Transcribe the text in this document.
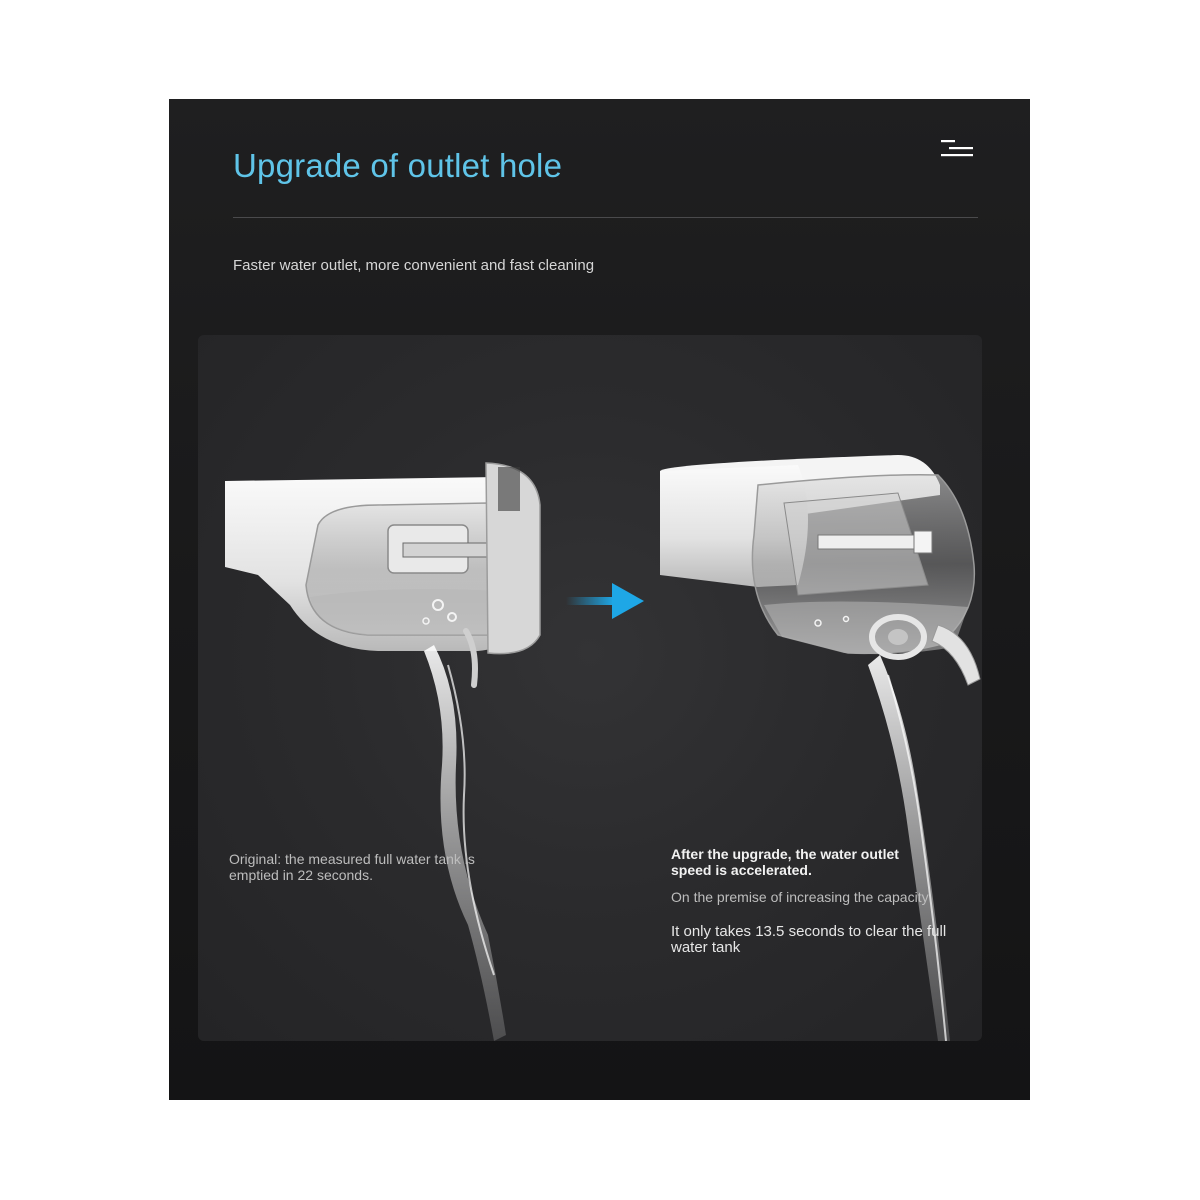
Upgrade of outlet hole
Faster water outlet, more convenient and fast cleaning
Original: the measured full water tank is emptied in 22 seconds.
After the upgrade, the water outlet speed is accelerated.
On the premise of increasing the capacity
It only takes 13.5 seconds to clear the full water tank
